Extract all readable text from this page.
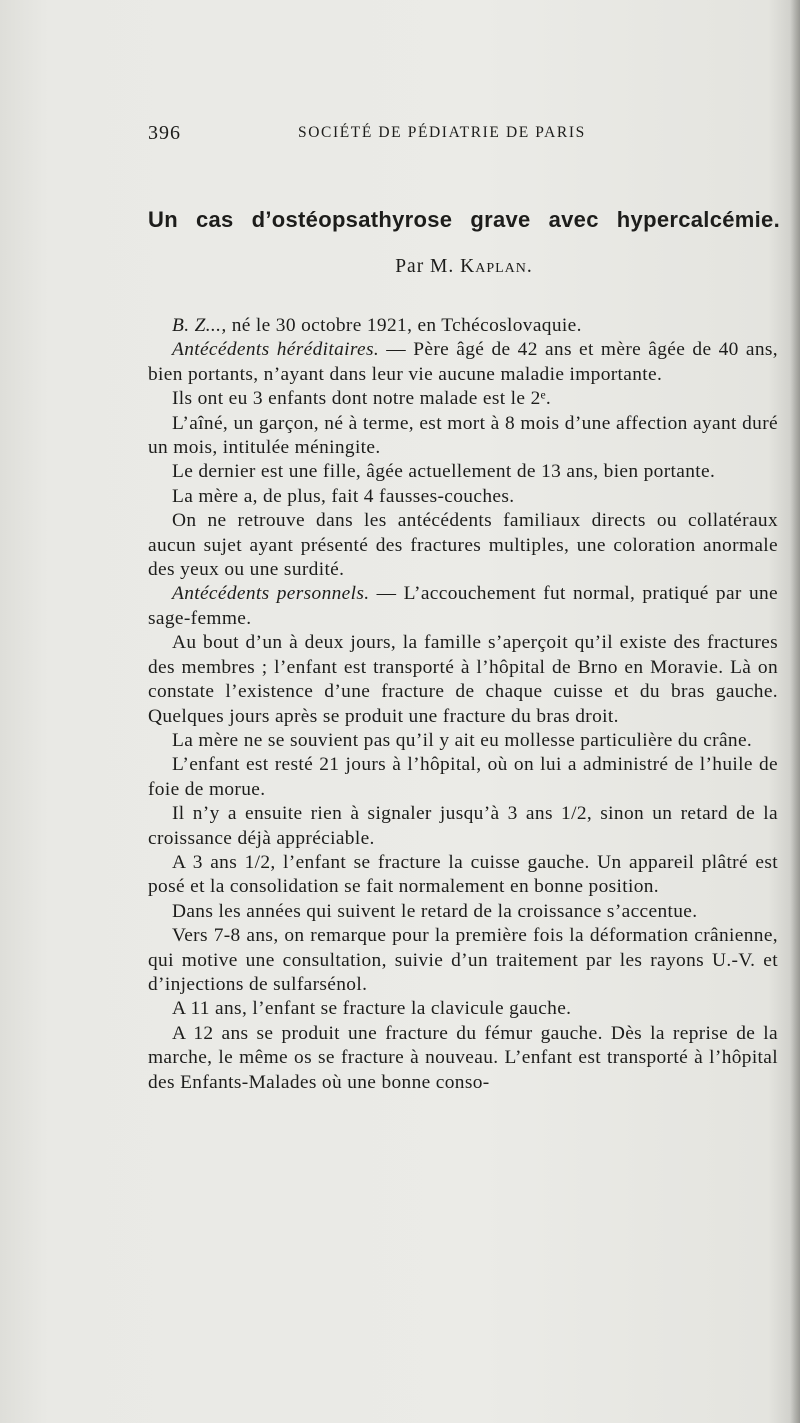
396	SOCIÉTÉ DE PÉDIATRIE DE PARIS
Un cas d’ostéopsathyrose grave avec hypercalcémie.
Par M. Kaplan.

B. Z..., né le 30 octobre 1921, en Tchécoslovaquie.

Antécédents héréditaires. — Père âgé de 42 ans et mère âgée de 40 ans, bien portants, n’ayant dans leur vie aucune maladie importante.

Ils ont eu 3 enfants dont notre malade est le 2ᵉ.

L’aîné, un garçon, né à terme, est mort à 8 mois d’une affection ayant duré un mois, intitulée méningite.

Le dernier est une fille, âgée actuellement de 13 ans, bien portante.

La mère a, de plus, fait 4 fausses-couches.

On ne retrouve dans les antécédents familiaux directs ou collatéraux aucun sujet ayant présenté des fractures multiples, une coloration anormale des yeux ou une surdité.

Antécédents personnels. — L’accouchement fut normal, pratiqué par une sage-femme.

Au bout d’un à deux jours, la famille s’aperçoit qu’il existe des fractures des membres ; l’enfant est transporté à l’hôpital de Brno en Moravie. Là on constate l’existence d’une fracture de chaque cuisse et du bras gauche. Quelques jours après se produit une fracture du bras droit.

La mère ne se souvient pas qu’il y ait eu mollesse particulière du crâne.

L’enfant est resté 21 jours à l’hôpital, où on lui a administré de l’huile de foie de morue.

Il n’y a ensuite rien à signaler jusqu’à 3 ans 1/2, sinon un retard de la croissance déjà appréciable.

A 3 ans 1/2, l’enfant se fracture la cuisse gauche. Un appareil plâtré est posé et la consolidation se fait normalement en bonne position.

Dans les années qui suivent le retard de la croissance s’accentue.

Vers 7-8 ans, on remarque pour la première fois la déformation crânienne, qui motive une consultation, suivie d’un traitement par les rayons U.-V. et d’injections de sulfarsénol.

A 11 ans, l’enfant se fracture la clavicule gauche.

A 12 ans se produit une fracture du fémur gauche. Dès la reprise de la marche, le même os se fracture à nouveau. L’enfant est transporté à l’hôpital des Enfants-Malades où une bonne conso-
